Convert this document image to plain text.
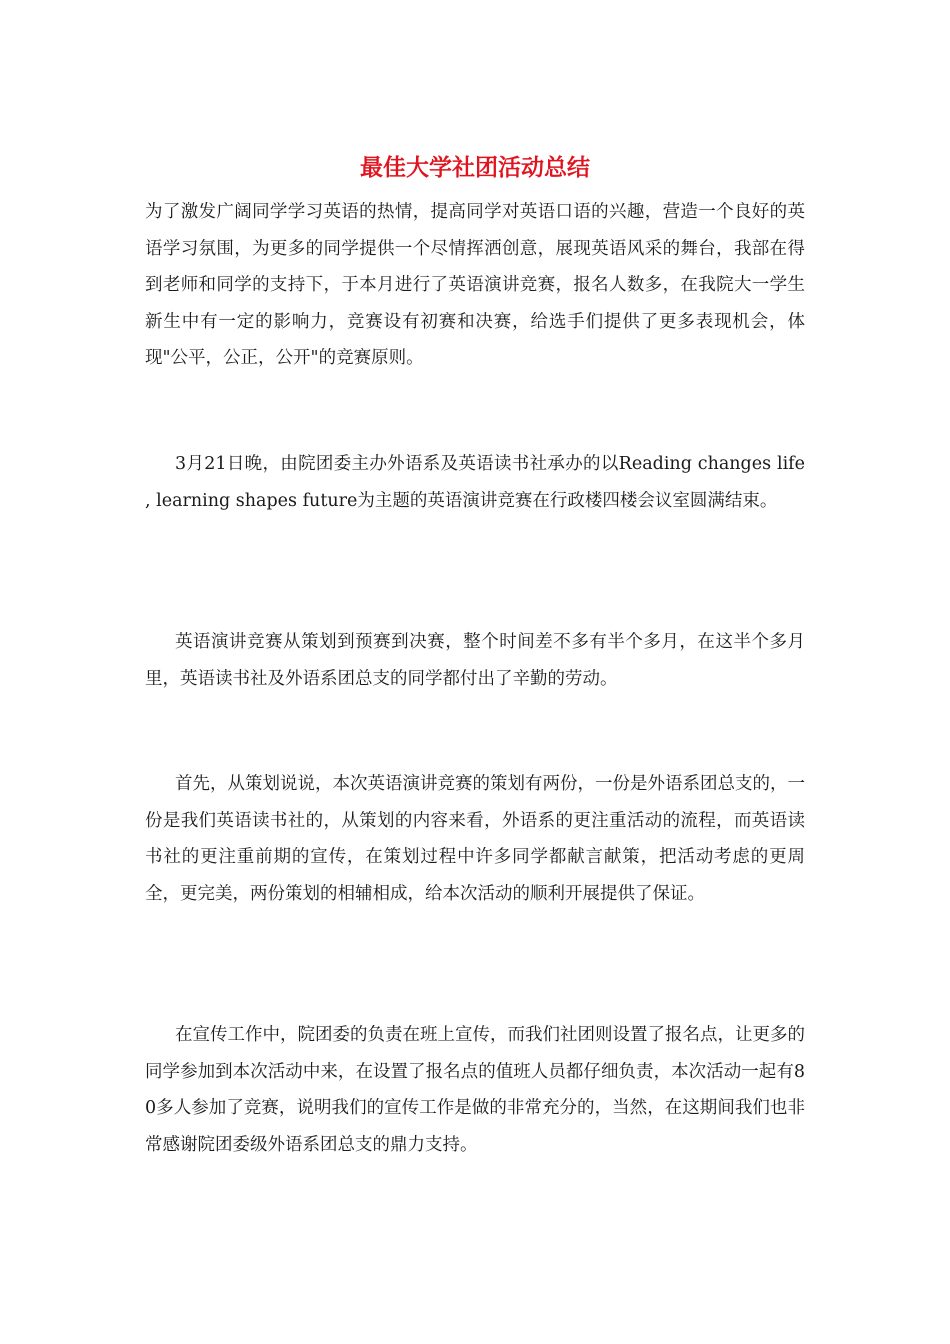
最佳大学社团活动总结

为了激发广阔同学学习英语的热情，提高同学对英语口语的兴趣，营造一个良好的英语学习氛围，为更多的同学提供一个尽情挥洒创意，展现英语风采的舞台，我部在得到老师和同学的支持下，于本月进行了英语演讲竞赛，报名人数多，在我院大一学生新生中有一定的影响力，竞赛设有初赛和决赛，给选手们提供了更多表现机会，体现"公平，公正，公开"的竞赛原则。

3月21日晚，由院团委主办外语系及英语读书社承办的以Reading changes life , learning shapes future为主题的英语演讲竞赛在行政楼四楼会议室圆满结束。

英语演讲竞赛从策划到预赛到决赛，整个时间差不多有半个多月，在这半个多月里，英语读书社及外语系团总支的同学都付出了辛勤的劳动。

首先，从策划说说，本次英语演讲竞赛的策划有两份，一份是外语系团总支的，一份是我们英语读书社的，从策划的内容来看，外语系的更注重活动的流程，而英语读书社的更注重前期的宣传，在策划过程中许多同学都献言献策，把活动考虑的更周全，更完美，两份策划的相辅相成，给本次活动的顺利开展提供了保证。

在宣传工作中，院团委的负责在班上宣传，而我们社团则设置了报名点，让更多的同学参加到本次活动中来，在设置了报名点的值班人员都仔细负责，本次活动一起有80多人参加了竞赛，说明我们的宣传工作是做的非常充分的，当然，在这期间我们也非常感谢院团委级外语系团总支的鼎力支持。
